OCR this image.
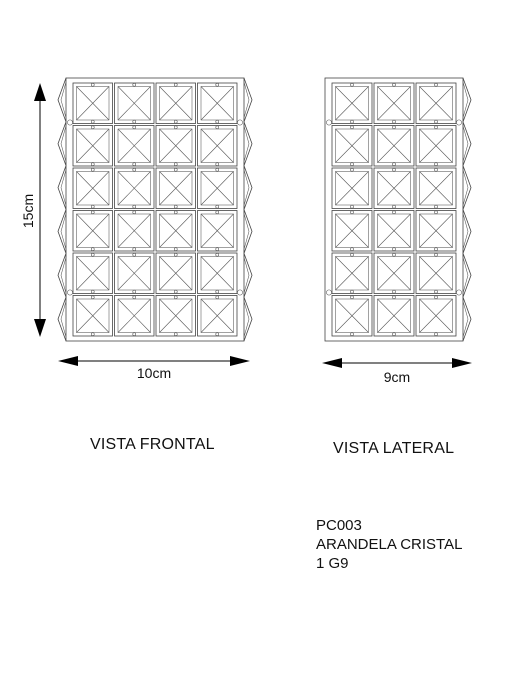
15cm
10cm	9cm
VISTA FRONTAL	VISTA LATERAL
PC003
ARANDELA CRISTAL
1 G9
